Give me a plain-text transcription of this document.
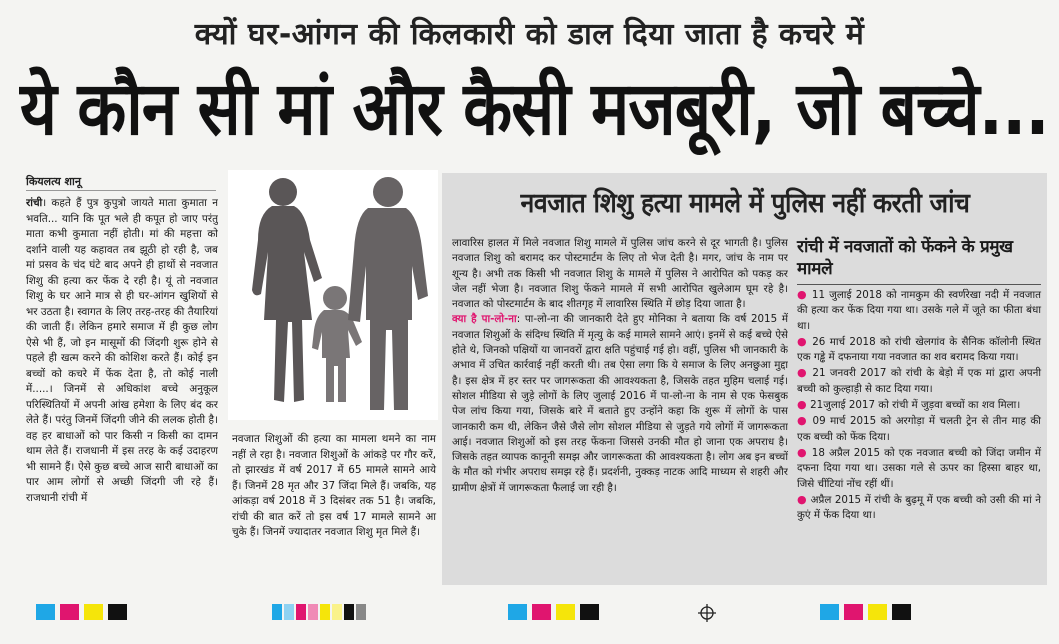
क्यों घर-आंगन की किलकारी को डाल दिया जाता है कचरे में
ये कौन सी मां और कैसी मजबूरी, जो बच्चे...
कियलत्य शानू
रांची। कहते हैं पुत्र कुपुत्रो जायते माता कुमाता न भवति... यानि कि पूत भले ही कपूत हो जाए परंतु माता कभी कुमाता नहीं होती। मां की महत्ता को दर्शाने वाली यह कहावत तब झूठी हो रही है, जब मां प्रसव के चंद घंटे बाद अपने ही हाथों से नवजात शिशु की हत्या कर फेंक दे रही है। यूं तो नवजात शिशु के घर आने मात्र से ही घर-आंगन खुशियों से भर उठता है। स्वागत के लिए तरह-तरह की तैयारियां की जाती हैं। लेकिन हमारे समाज में ही कुछ लोग ऐसे भी हैं, जो इन मासूमों की जिंदगी शुरू होने से पहले ही खत्म करने की कोशिश करते हैं। कोई इन बच्चों को कचरे में फेंक देता है, तो कोई नाली में.....। जिनमें से अधिकांश बच्चे अनुकूल परिस्थितियों में अपनी आंख हमेशा के लिए बंद कर लेते हैं। परंतु जिनमें जिंदगी जीने की ललक होती है। वह हर बाधाओं को पार किसी न किसी का दामन थाम लेते हैं। राजधानी में इस तरह के कई उदाहरण भी सामने हैं। ऐसे कुछ बच्चे आज सारी बाधाओं का पार आम लोगों से अच्छी जिंदगी जी रहे हैं। राजधानी रांची में
नवजात शिशुओं की हत्या का मामला थमने का नाम नहीं ले रहा है। नवजात शिशुओं के आंकड़े पर गौर करें, तो झारखंड में वर्ष 2017 में 65 मामले सामने आये हैं। जिनमें 28 मृत और 37 जिंदा मिले हैं। जबकि, यह आंकड़ा वर्ष 2018 में 3 दिसंबर तक 51 है। जबकि, रांची की बात करें तो इस वर्ष 17 मामले सामने आ चुके हैं। जिनमें ज्यादातर नवजात शिशु मृत मिले हैं।
नवजात शिशु हत्या मामले में पुलिस नहीं करती जांच
लावारिस हालत में मिले नवजात शिशु मामले में पुलिस जांच करने से दूर भागती है। पुलिस नवजात शिशु को बरामद कर पोस्टमार्टम के लिए तो भेज देती है। मगर, जांच के नाम पर शून्य है। अभी तक किसी भी नवजात शिशु के मामले में पुलिस ने आरोपित को पकड़ कर जेल नहीं भेजा है। नवजात शिशु फेंकने मामले में सभी आरोपित खुलेआम घूम रहे है। नवजात को पोस्टमार्टम के बाद शीतगृह में लावारिस स्थिति में छोड़ दिया जाता है।
क्या है पा-लो-ना: पा-लो-ना की जानकारी देते हुए मोनिका ने बताया कि वर्ष 2015 में नवजात शिशुओं के संदिग्ध स्थिति में मृत्यु के कई मामले सामने आएं। इनमें से कई बच्चे ऐसे होते थे, जिनको पक्षियों या जानवरों द्वारा क्षति पहुंचाई गई हो। वहीं, पुलिस भी जानकारी के अभाव में उचित कार्रवाई नहीं करती थी। तब ऐसा लगा कि ये समाज के लिए अनछुआ मुद्दा है। इस क्षेत्र में हर स्तर पर जागरूकता की आवश्यकता है, जिसके तहत मुहिम चलाई गई। सोशल मीडिया से जुड़े लोगों के लिए जुलाई 2016 में पा-लो-ना के नाम से एक फेसबुक पेज लांच किया गया, जिसके बारे में बताते हुए उन्होंने कहा कि शुरू में लोगों के पास जानकारी कम थी, लेकिन जैसे जैसे लोग सोशल मीडिया से जुड़ते गये लोगों में जागरूकता आई। नवजात शिशुओं को इस तरह फेंकना जिससे उनकी मौत हो जाना एक अपराध है। जिसके तहत व्यापक कानूनी समझ और जागरूकता की आवश्यकता है। लोग अब इन बच्चों के मौत को गंभीर अपराध समझ रहे हैं। प्रदर्शनी, नुक्कड़ नाटक आदि माध्यम से शहरी और ग्रामीण क्षेत्रों में जागरूकता फैलाई जा रही है।
रांची में नवजातों को फेंकने के प्रमुख मामले

● 11 जुलाई 2018 को नामकुम की स्वर्णरेखा नदी में नवजात की हत्या कर फेंक दिया गया था। उसके गले में जूते का फीता बंधा था।

● 26 मार्च 2018 को रांची खेलगांव के सैनिक कॉलोनी स्थित एक गड्ढे में दफनाया गया नवजात का शव बरामद किया गया।

● 21 जनवरी 2017 को रांची के बेड़ो में एक मां द्वारा अपनी बच्ची को कुल्हाड़ी से काट दिया गया।

● 21जुलाई 2017 को रांची में जुड़वा बच्चों का शव मिला।

● 09 मार्च 2015 को अरगोड़ा में चलती ट्रेन से तीन माह की एक बच्ची को फेंक दिया।

● 18 अप्रैल 2015 को एक नवजात बच्ची को जिंदा जमीन में दफना दिया गया था। उसका गले से ऊपर का हिस्सा बाहर था, जिसे चींटियां नोंच रहीं थीं।

● अप्रैल 2015 में रांची के बुढ़मू में एक बच्ची को उसी की मां ने कुएं में फेंक दिया था।
